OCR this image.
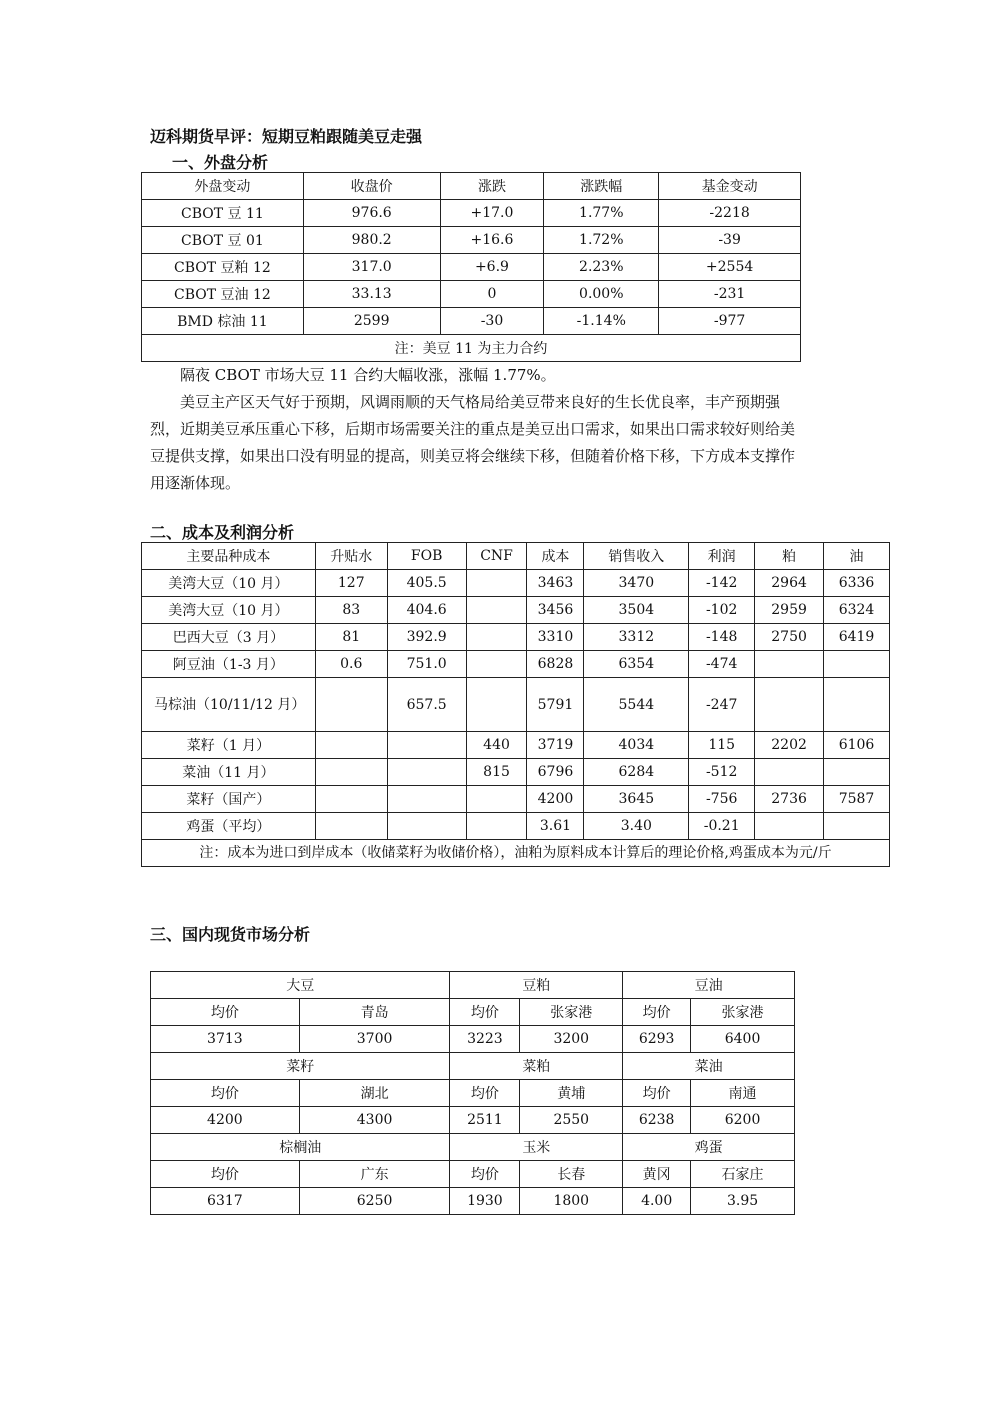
迈科期货早评：短期豆粕跟随美豆走强
一、外盘分析
外盘变动	收盘价	涨跌	涨跌幅	基金变动
CBOT 豆 11	976.6	+17.0	1.77%	-2218
CBOT 豆 01	980.2	+16.6	1.72%	-39
CBOT 豆粕 12	317.0	+6.9	2.23%	+2554
CBOT 豆油 12	33.13	0	0.00%	-231
BMD 棕油 11	2599	-30	-1.14%	-977
注：美豆 11 为主力合约				

隔夜 CBOT 市场大豆 11 合约大幅收涨，涨幅 1.77%。

美豆主产区天气好于预期，风调雨顺的天气格局给美豆带来良好的生长优良率，丰产预期强烈，近期美豆承压重心下移，后期市场需要关注的重点是美豆出口需求，如果出口需求较好则给美豆提供支撑，如果出口没有明显的提高，则美豆将会继续下移，但随着价格下移，下方成本支撑作用逐渐体现。

二、成本及利润分析
主要品种成本	升贴水	FOB	CNF	成本	销售收入	利润	粕	油
美湾大豆（10 月）	127	405.5		3463	3470	-142	2964	6336
美湾大豆（10 月）	83	404.6		3456	3504	-102	2959	6324
巴西大豆（3 月）	81	392.9		3310	3312	-148	2750	6419
阿豆油（1-3 月）	0.6	751.0		6828	6354	-474		
马棕油（10/11/12 月）		657.5		5791	5544	-247		
菜籽（1 月）			440	3719	4034	115	2202	6106
菜油（11 月）			815	6796	6284	-512		
菜籽（国产）				4200	3645	-756	2736	7587
鸡蛋（平均）				3.61	3.40	-0.21		
注：成本为进口到岸成本（收储菜籽为收储价格），油粕为原料成本计算后的理论价格,鸡蛋成本为元/斤								
三、国内现货市场分析
大豆		豆粕		豆油	
均价	青岛	均价	张家港	均价	张家港
3713	3700	3223	3200	6293	6400
菜籽		菜粕		菜油	
均价	湖北	均价	黄埔	均价	南通
4200	4300	2511	2550	6238	6200
棕榈油		玉米		鸡蛋	
均价	广东	均价	长春	黄冈	石家庄
6317	6250	1930	1800	4.00	3.95
